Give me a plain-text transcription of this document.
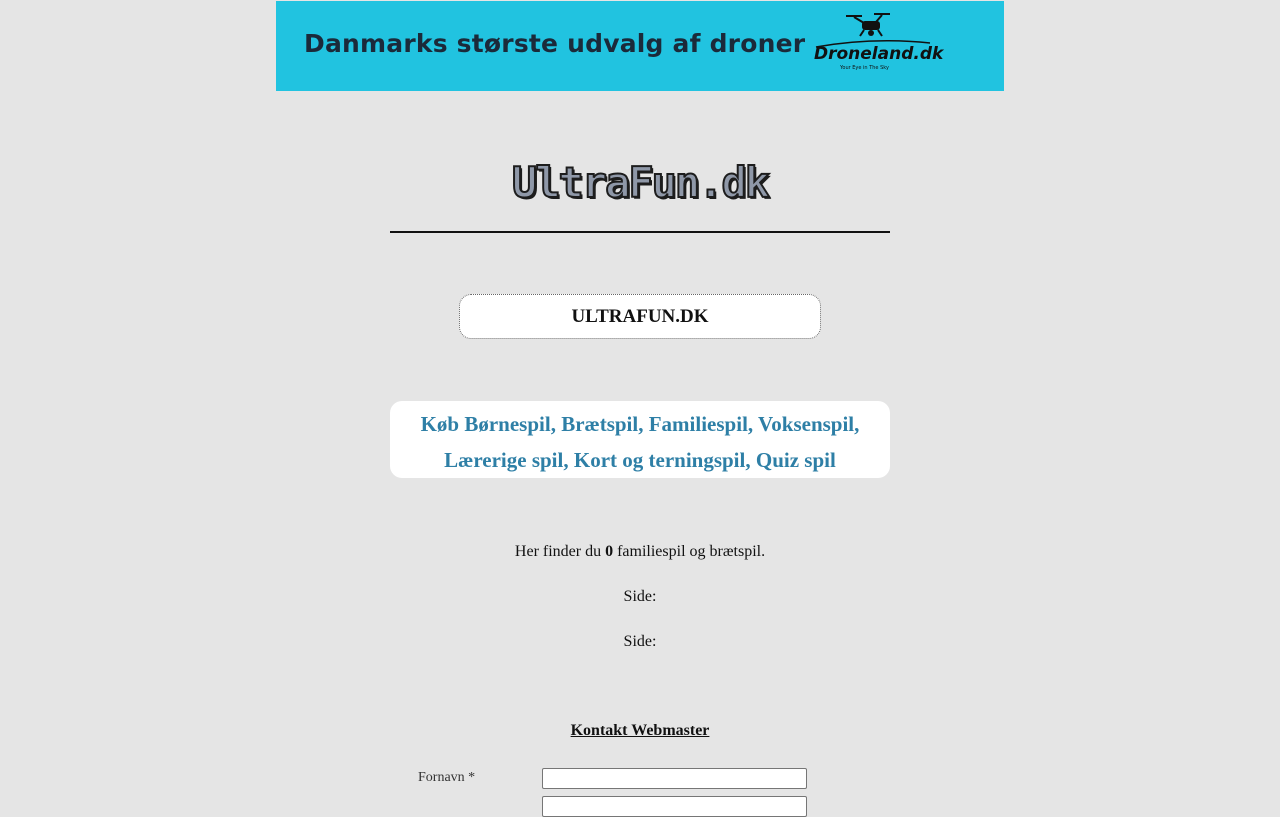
Danmarks største udvalg af droner Droneland.dk
Your Eye in The Sky
UltraFun.dk
ULTRAFUN.DK
Køb Børnespil, Brætspil, Familiespil, Voksenspil,
Lærerige spil, Kort og terningspil, Quiz spil
Her finder du 0 familiespil og brætspil.
Side:
Side:
Kontakt Webmaster
Fornavn *
